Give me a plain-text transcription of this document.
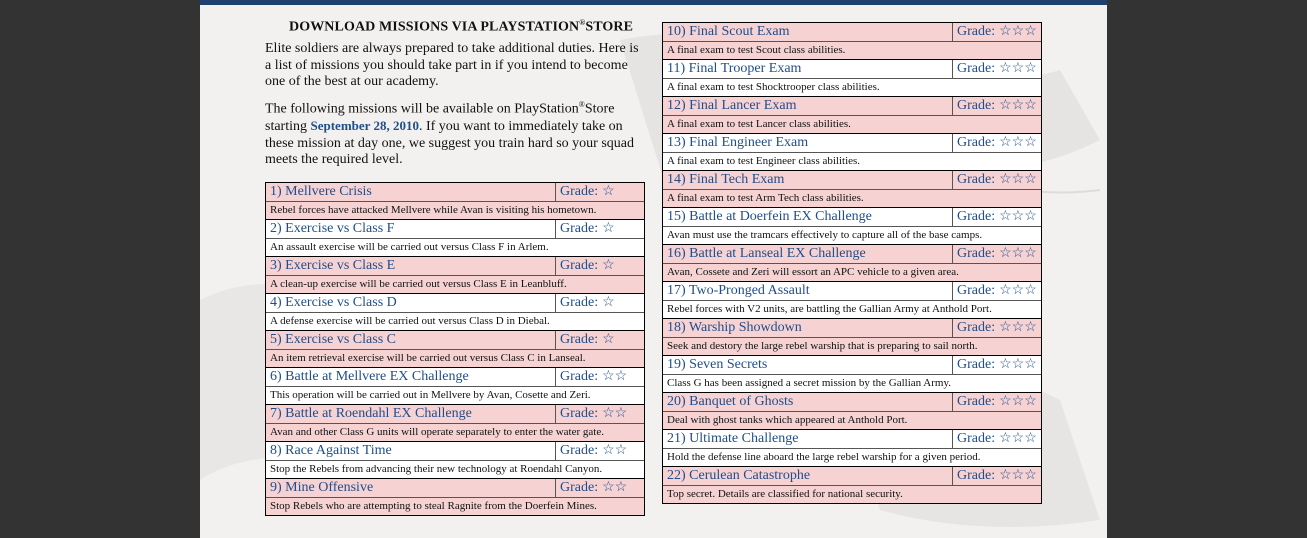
DOWNLOAD MISSIONS VIA PLAYSTATION®STORE
Elite soldiers are always prepared to take additional duties. Here is a list of missions you should take part in if you intend to become one of the best at our academy.
The following missions will be available on PlayStation®Store starting September 28, 2010. If you want to immediately take on these mission at day one, we suggest you train hard so your squad meets the required level.
1) Mellvere Crisis	Grade: ☆
Rebel forces have attacked Mellvere while Avan is visiting his hometown.
2) Exercise vs Class F	Grade: ☆
An assault exercise will be carried out versus Class F in Arlem.
3) Exercise vs Class E	Grade: ☆
A clean-up exercise will be carried out versus Class E in Leanbluff.
4) Exercise vs Class D	Grade: ☆
A defense exercise will be carried out versus Class D in Diebal.
5) Exercise vs Class C	Grade: ☆
An item retrieval exercise will be carried out versus Class C in Lanseal.
6) Battle at Mellvere EX Challenge	Grade: ☆☆
This operation will be carried out in Mellvere by Avan, Cosette and Zeri.
7) Battle at Roendahl EX Challenge	Grade: ☆☆
Avan and other Class G units will operate separately to enter the water gate.
8) Race Against Time	Grade: ☆☆
Stop the Rebels from advancing their new technology at Roendahl Canyon.
9) Mine Offensive	Grade: ☆☆
Stop Rebels who are attempting to steal Ragnite from the Doerfein Mines.
10) Final Scout Exam	Grade: ☆☆☆
A final exam to test Scout class abilities.
11) Final Trooper Exam	Grade: ☆☆☆
A final exam to test Shocktrooper class abilities.
12) Final Lancer Exam	Grade: ☆☆☆
A final exam to test Lancer class abilities.
13) Final Engineer Exam	Grade: ☆☆☆
A final exam to test Engineer class abilities.
14) Final Tech Exam	Grade: ☆☆☆
A final exam to test Arm Tech class abilities.
15) Battle at Doerfein EX Challenge	Grade: ☆☆☆
Avan must use the tramcars effectively to capture all of the base camps.
16) Battle at Lanseal EX Challenge	Grade: ☆☆☆
Avan, Cossete and Zeri will essort an APC vehicle to a given area.
17) Two-Pronged Assault	Grade: ☆☆☆
Rebel forces with V2 units, are battling the Gallian Army at Anthold Port.
18) Warship Showdown	Grade: ☆☆☆
Seek and destory the large rebel warship that is preparing to sail north.
19) Seven Secrets	Grade: ☆☆☆
Class G has been assigned a secret mission by the Gallian Army.
20) Banquet of Ghosts	Grade: ☆☆☆
Deal with ghost tanks which appeared at Anthold Port.
21) Ultimate Challenge	Grade: ☆☆☆
Hold the defense line aboard the large rebel warship for a given period.
22) Cerulean Catastrophe	Grade: ☆☆☆
Top secret. Details are classified for national security.
